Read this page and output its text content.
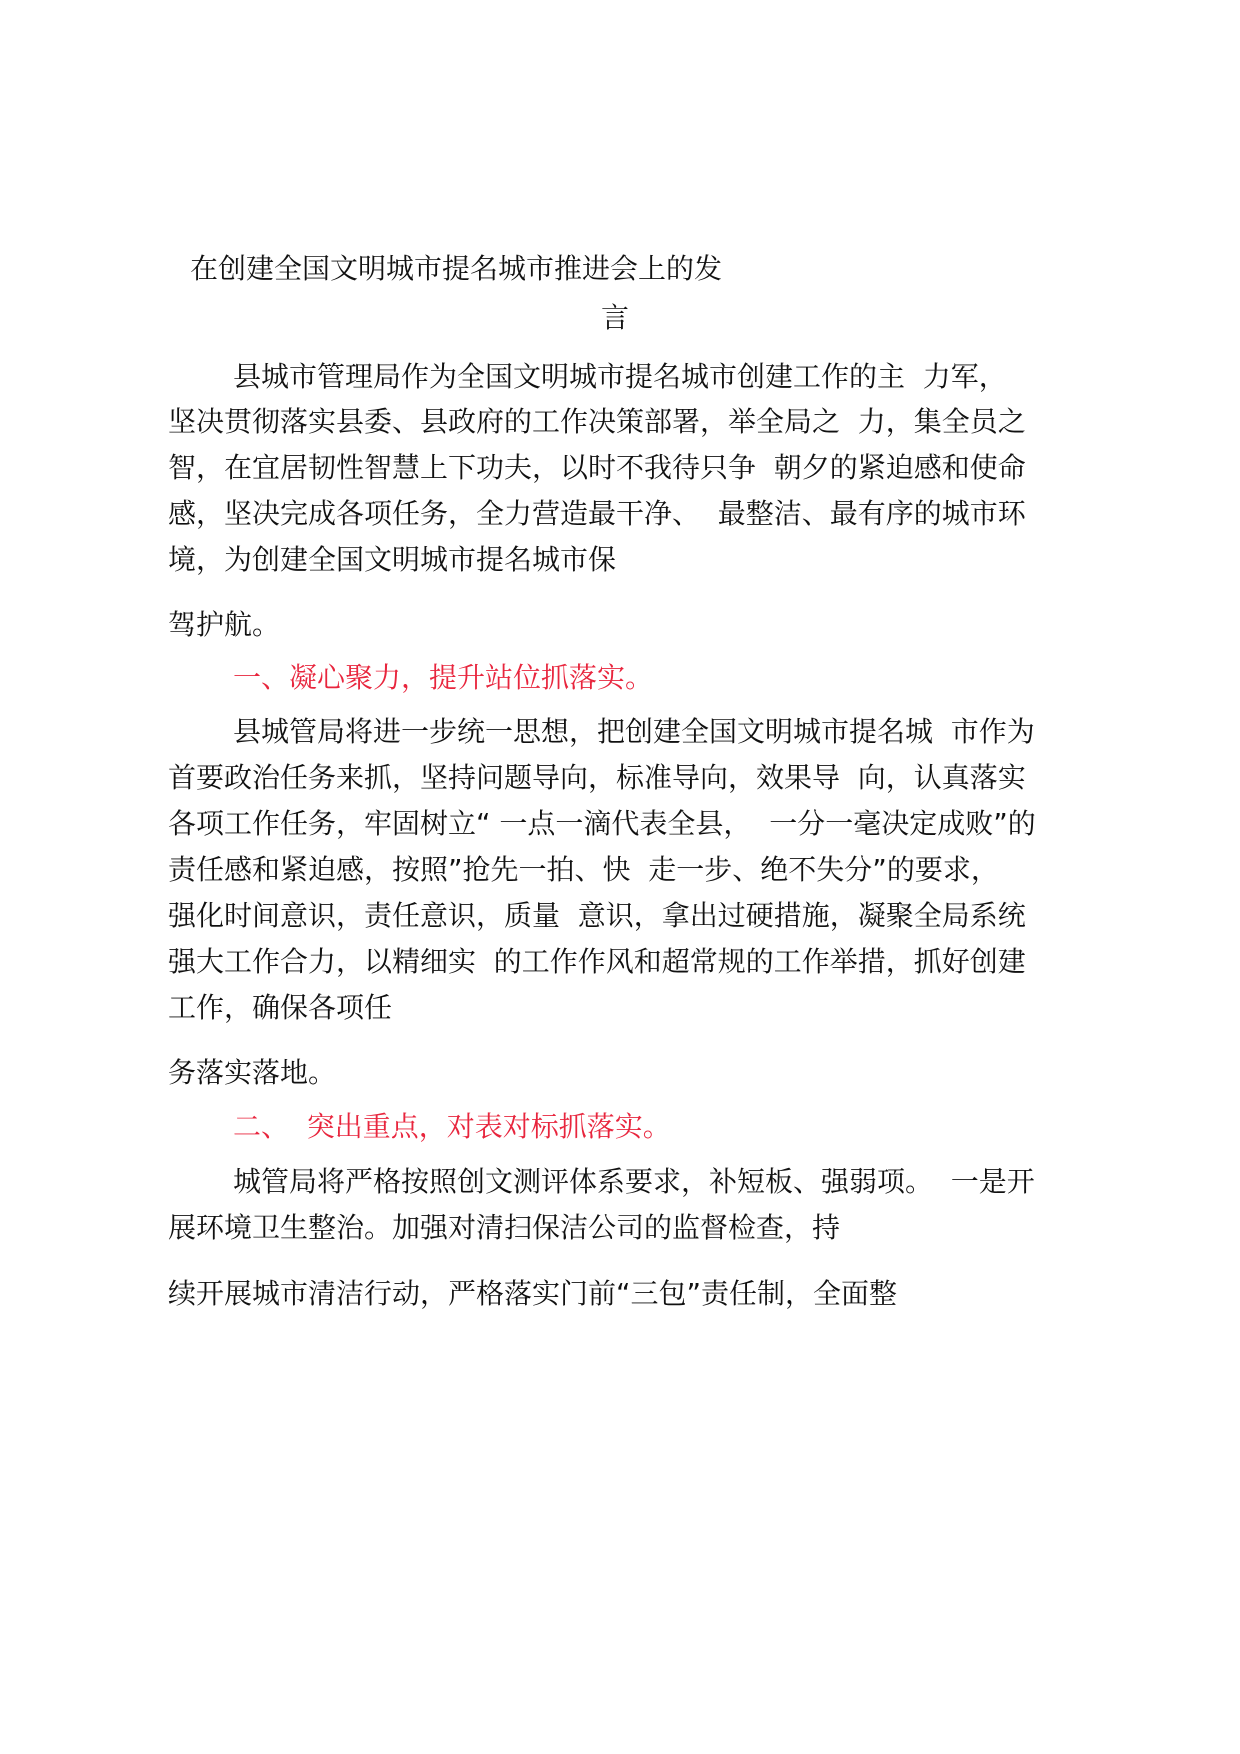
在创建全国文明城市提名城市推进会上的发

言

县城市管理局作为全国文明城市提名城市创建工作的主  力军，

坚决贯彻落实县委、县政府的工作决策部署，举全局之  力，集全员之

智，在宜居韧性智慧上下功夫，以时不我待只争  朝夕的紧迫感和使命

感，坚决完成各项任务，全力营造最干净、  最整洁、最有序的城市环

境，为创建全国文明城市提名城市保

驾护航。

一、凝心聚力，提升站位抓落实。

县城管局将进一步统一思想，把创建全国文明城市提名城  市作为

首要政治任务来抓，坚持问题导向，标准导向，效果导  向，认真落实

各项工作任务，牢固树立“ 一点一滴代表全县，  一分一毫决定成败”的

责任感和紧迫感，按照”抢先一拍、快  走一步、绝不失分”的要求，

强化时间意识，责任意识，质量  意识，拿出过硬措施，凝聚全局系统

强大工作合力，以精细实  的工作作风和超常规的工作举措，抓好创建

工作，确保各项任

务落实落地。

二、  突出重点，对表对标抓落实。

城管局将严格按照创文测评体系要求，补短板、强弱项。  一是开

展环境卫生整治。加强对清扫保洁公司的监督检查，持

续开展城市清洁行动，严格落实门前“三包”责任制，全面整
